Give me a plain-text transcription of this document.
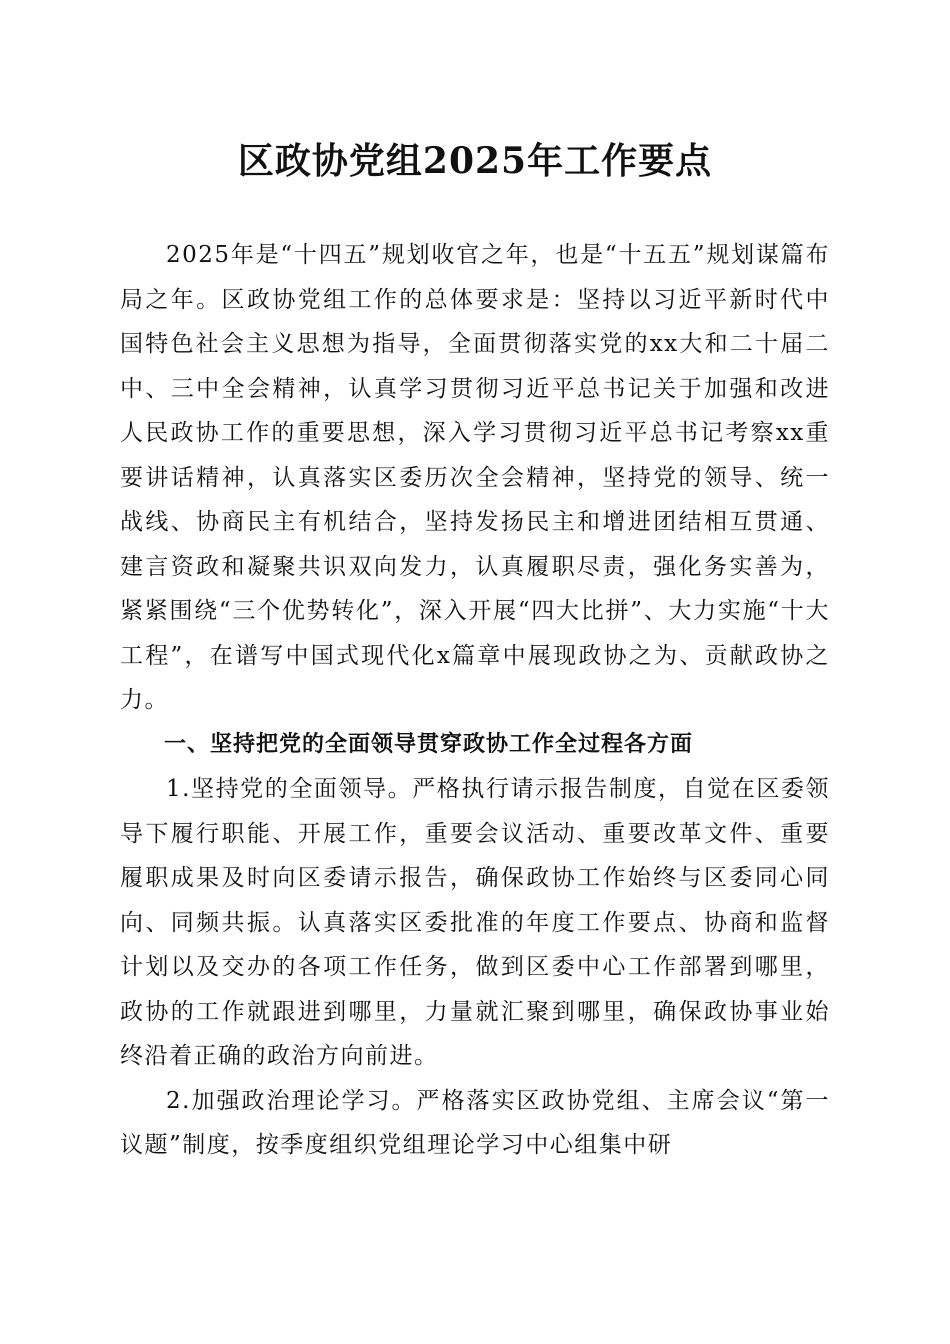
区政协党组2025年工作要点

2025年是“十四五”规划收官之年，也是“十五五”规划谋篇布局之年。区政协党组工作的总体要求是：坚持以习近平新时代中国特色社会主义思想为指导，全面贯彻落实党的xx大和二十届二中、三中全会精神，认真学习贯彻习近平总书记关于加强和改进人民政协工作的重要思想，深入学习贯彻习近平总书记考察xx重要讲话精神，认真落实区委历次全会精神，坚持党的领导、统一战线、协商民主有机结合，坚持发扬民主和增进团结相互贯通、建言资政和凝聚共识双向发力，认真履职尽责，强化务实善为，紧紧围绕“三个优势转化”，深入开展“四大比拼”、大力实施“十大工程”，在谱写中国式现代化x篇章中展现政协之为、贡献政协之力。

一、坚持把党的全面领导贯穿政协工作全过程各方面

1.坚持党的全面领导。严格执行请示报告制度，自觉在区委领导下履行职能、开展工作，重要会议活动、重要改革文件、重要履职成果及时向区委请示报告，确保政协工作始终与区委同心同向、同频共振。认真落实区委批准的年度工作要点、协商和监督计划以及交办的各项工作任务，做到区委中心工作部署到哪里，政协的工作就跟进到哪里，力量就汇聚到哪里，确保政协事业始终沿着正确的政治方向前进。

2.加强政治理论学习。严格落实区政协党组、主席会议“第一议题”制度，按季度组织党组理论学习中心组集中研
